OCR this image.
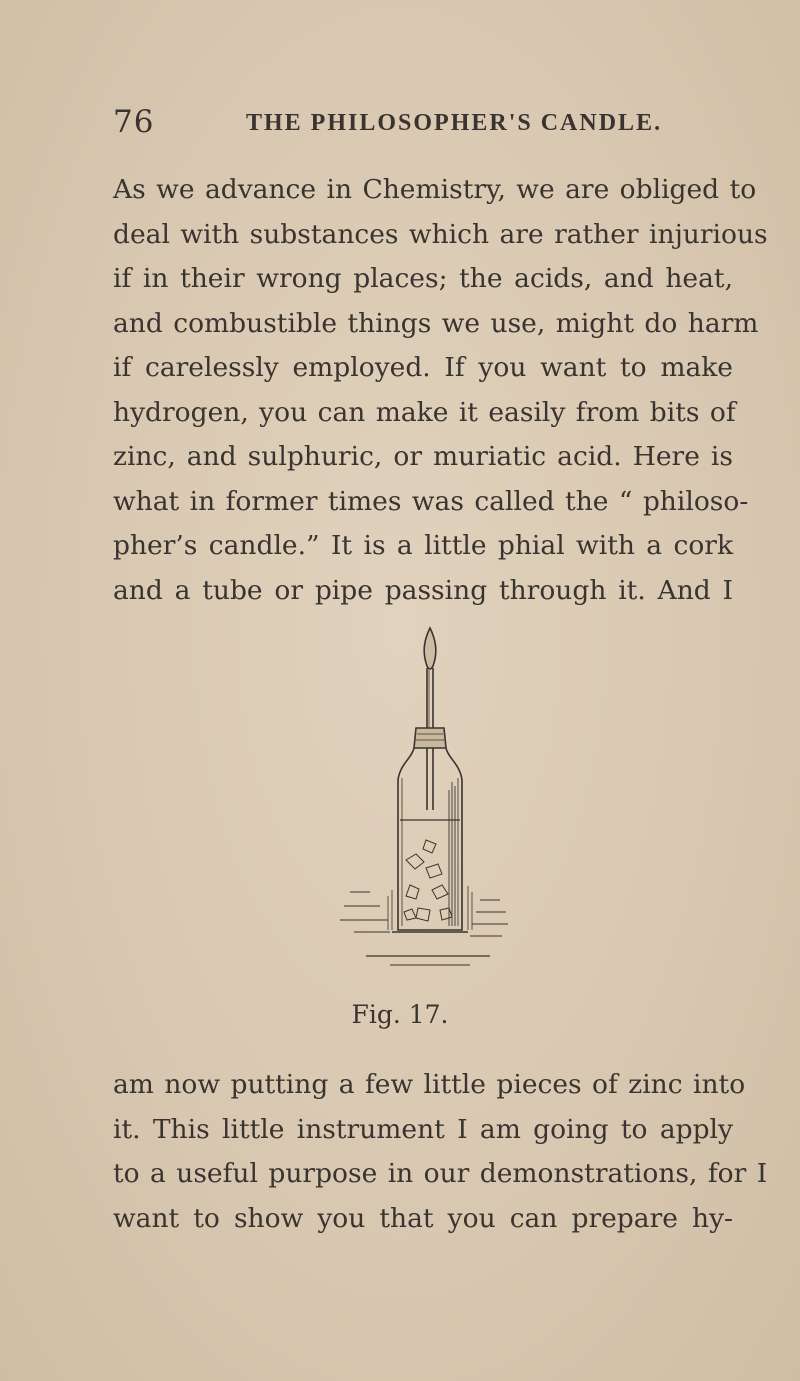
76	THE PHILOSOPHER'S CANDLE.
As we advance in Chemistry, we are obliged to
deal with substances which are rather injurious
if in their wrong places; the acids, and heat,
and combustible things we use, might do harm
if carelessly employed. If you want to make
hydrogen, you can make it easily from bits of
zinc, and sulphuric, or muriatic acid. Here is
what in former times was called the “ philoso-
pher’s candle.” It is a little phial with a cork
and a tube or pipe passing through it. And I
Fig. 17.
am now putting a few little pieces of zinc into
it. This little instrument I am going to apply
to a useful purpose in our demonstrations, for I
want to show you that you can prepare hy-
